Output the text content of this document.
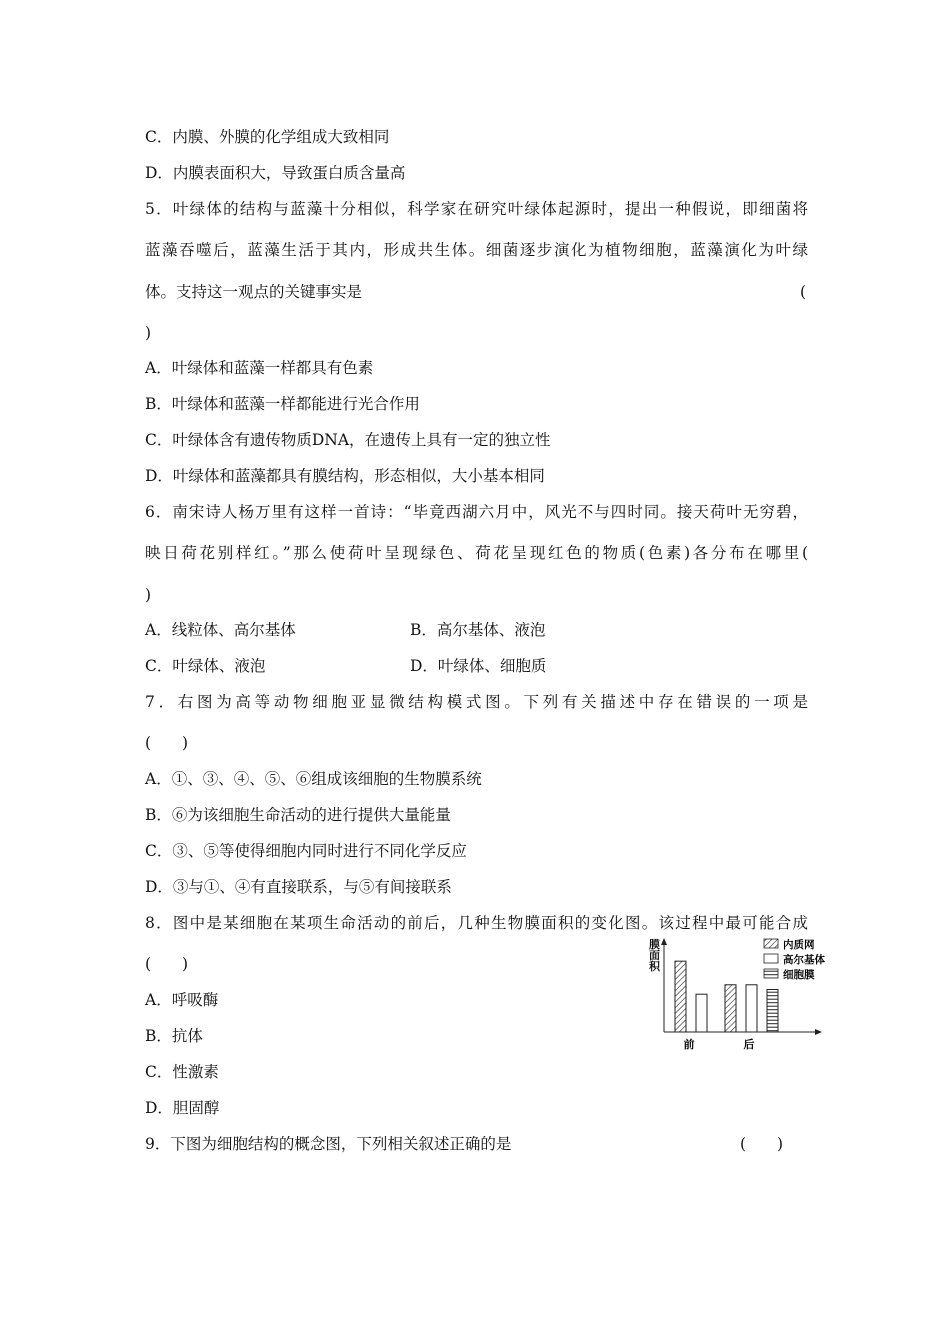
C．内膜、外膜的化学组成大致相同
D．内膜表面积大，导致蛋白质含量高
5．叶绿体的结构与蓝藻十分相似，科学家在研究叶绿体起源时，提出一种假说，即细菌将
蓝藻吞噬后，蓝藻生活于其内，形成共生体。细菌逐步演化为植物细胞，蓝藻演化为叶绿
体。支持这一观点的关键事实是	(
)
A．叶绿体和蓝藻一样都具有色素
B．叶绿体和蓝藻一样都能进行光合作用
C．叶绿体含有遗传物质DNA，在遗传上具有一定的独立性
D．叶绿体和蓝藻都具有膜结构，形态相似，大小基本相同
6．南宋诗人杨万里有这样一首诗：“毕竟西湖六月中，风光不与四时同。接天荷叶无穷碧，
映日荷花别样红。”那么使荷叶呈现绿色、荷花呈现红色的物质(色素)各分布在哪里(
)
A．线粒体、高尔基体	B．高尔基体、液泡
C．叶绿体、液泡	D．叶绿体、细胞质
7．右图为高等动物细胞亚显微结构模式图。下列有关描述中存在错误的一项是
(　　)
A．①、③、④、⑤、⑥组成该细胞的生物膜系统
B．⑥为该细胞生命活动的进行提供大量能量
C．③、⑤等使得细胞内同时进行不同化学反应
D．③与①、④有直接联系，与⑤有间接联系
8．图中是某细胞在某项生命活动的前后，几种生物膜面积的变化图。该过程中最可能合成
(　　)
A．呼吸酶
B．抗体
C．性激素
D．胆固醇
膜面积
前	后
内质网
高尔基体
细胞膜
9．下图为细胞结构的概念图，下列相关叙述正确的是	(　　)
